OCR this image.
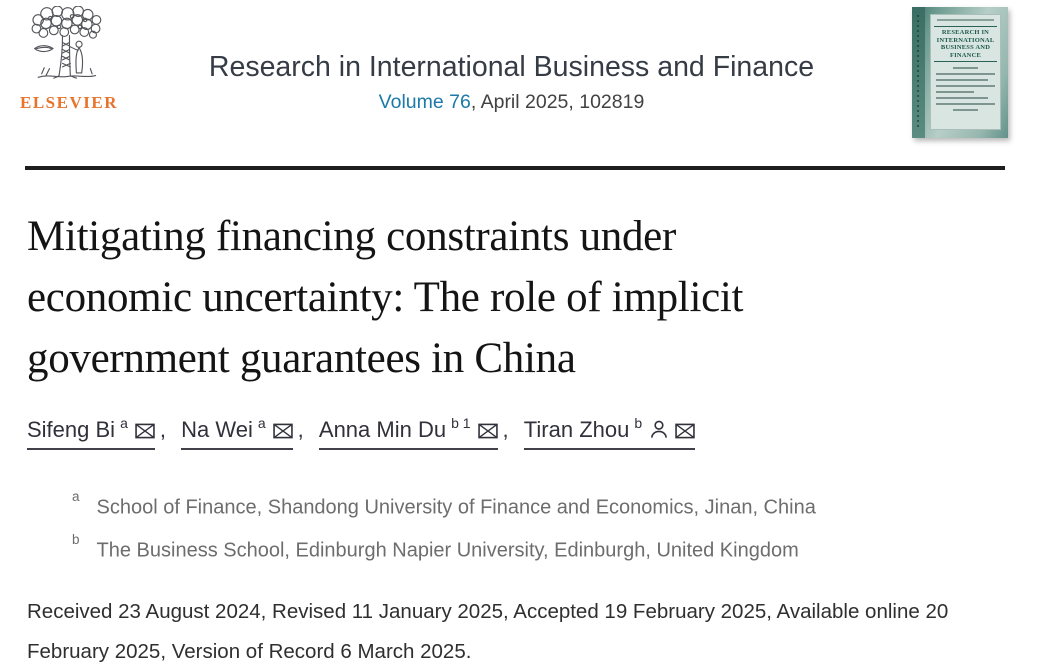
ELSEVIER
Research in International Business and Finance
Volume 76, April 2025, 102819
RESEARCH IN INTERNATIONAL BUSINESS AND FINANCE
Mitigating financing constraints under
economic uncertainty: The role of implicit
government guarantees in China
Sifeng Bi $^a$ , Na Wei $^a$ , Anna Min Du $^{b 1}$ , Tiran Zhou $^b$
$^a$School of Finance, Shandong University of Finance and Economics, Jinan, China
$^b$The Business School, Edinburgh Napier University, Edinburgh, United Kingdom

Received 23 August 2024, Revised 11 January 2025, Accepted 19 February 2025, Available online 20
February 2025, Version of Record 6 March 2025.
